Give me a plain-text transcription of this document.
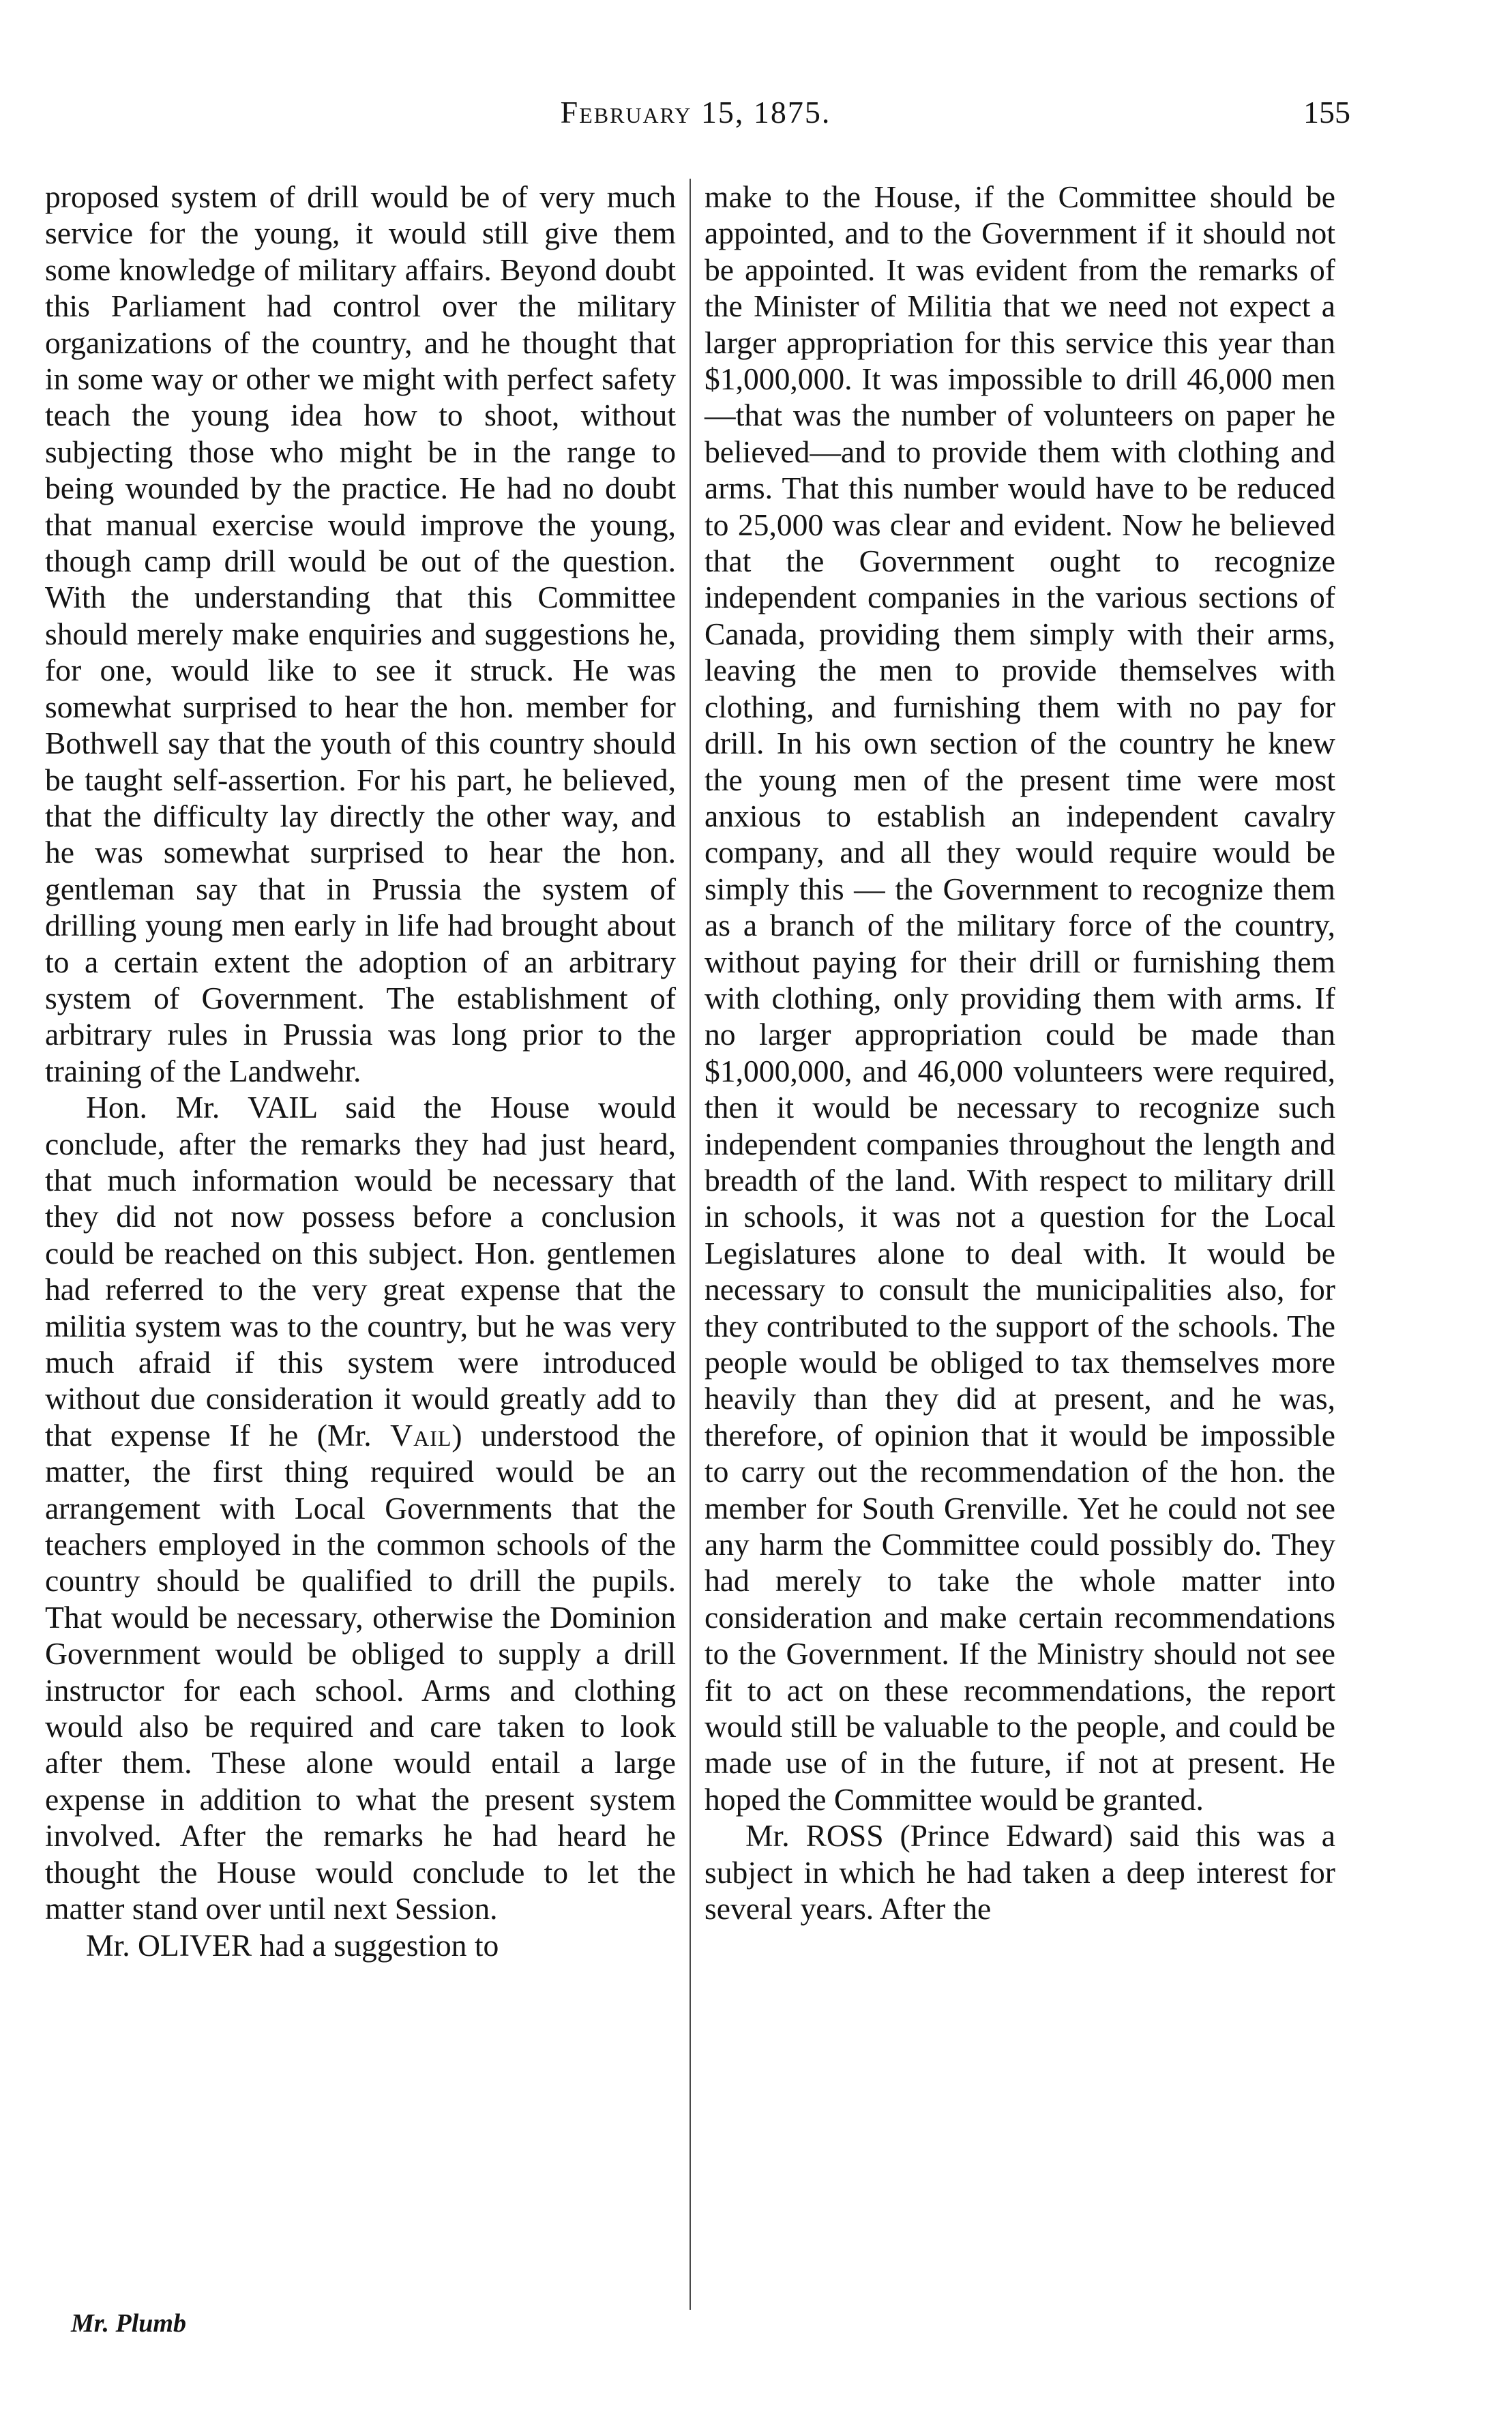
February 15, 1875.	155

proposed system of drill would be of very much service for the young, it would still give them some knowledge of military affairs. Beyond doubt this Parliament had control over the military organizations of the country, and he thought that in some way or other we might with perfect safety teach the young idea how to shoot, without subjecting those who might be in the range to being wounded by the practice. He had no doubt that manual exercise would improve the young, though camp drill would be out of the question. With the understanding that this Committee should merely make enquiries and suggestions he, for one, would like to see it struck. He was somewhat surprised to hear the hon. member for Bothwell say that the youth of this country should be taught self-assertion. For his part, he believed, that the difficulty lay directly the other way, and he was somewhat surprised to hear the hon. gentleman say that in Prussia the system of drilling young men early in life had brought about to a certain extent the adoption of an arbitrary system of Government. The establishment of arbitrary rules in Prussia was long prior to the training of the Landwehr.

Hon. Mr. VAIL said the House would conclude, after the remarks they had just heard, that much information would be necessary that they did not now possess before a conclusion could be reached on this subject. Hon. gentlemen had referred to the very great expense that the militia system was to the country, but he was very much afraid if this system were introduced without due consideration it would greatly add to that expense If he (Mr. Vail) understood the matter, the first thing required would be an arrangement with Local Governments that the teachers employed in the common schools of the country should be qualified to drill the pupils. That would be necessary, otherwise the Dominion Government would be obliged to supply a drill instructor for each school. Arms and clothing would also be required and care taken to look after them. These alone would entail a large expense in addition to what the present system involved. After the remarks he had heard he thought the House would conclude to let the matter stand over until next Session.

Mr. OLIVER had a suggestion to

make to the House, if the Committee should be appointed, and to the Government if it should not be appointed. It was evident from the remarks of the Minister of Militia that we need not expect a larger appropriation for this service this year than $1,000,000. It was impossible to drill 46,000 men—that was the number of volunteers on paper he believed—and to provide them with clothing and arms. That this number would have to be reduced to 25,000 was clear and evident. Now he believed that the Government ought to recognize independent companies in the various sections of Canada, providing them simply with their arms, leaving the men to provide themselves with clothing, and furnishing them with no pay for drill. In his own section of the country he knew the young men of the present time were most anxious to establish an independent cavalry company, and all they would require would be simply this — the Government to recognize them as a branch of the military force of the country, without paying for their drill or furnishing them with clothing, only providing them with arms. If no larger appropriation could be made than $1,000,000, and 46,000 volunteers were required, then it would be necessary to recognize such independent companies throughout the length and breadth of the land. With respect to military drill in schools, it was not a question for the Local Legislatures alone to deal with. It would be necessary to consult the municipalities also, for they contributed to the support of the schools. The people would be obliged to tax themselves more heavily than they did at present, and he was, therefore, of opinion that it would be impossible to carry out the recommendation of the hon. the member for South Grenville. Yet he could not see any harm the Committee could possibly do. They had merely to take the whole matter into consideration and make certain recommendations to the Government. If the Ministry should not see fit to act on these recommendations, the report would still be valuable to the people, and could be made use of in the future, if not at present. He hoped the Committee would be granted.

Mr. ROSS (Prince Edward) said this was a subject in which he had taken a deep interest for several years. After the

Mr. Plumb
